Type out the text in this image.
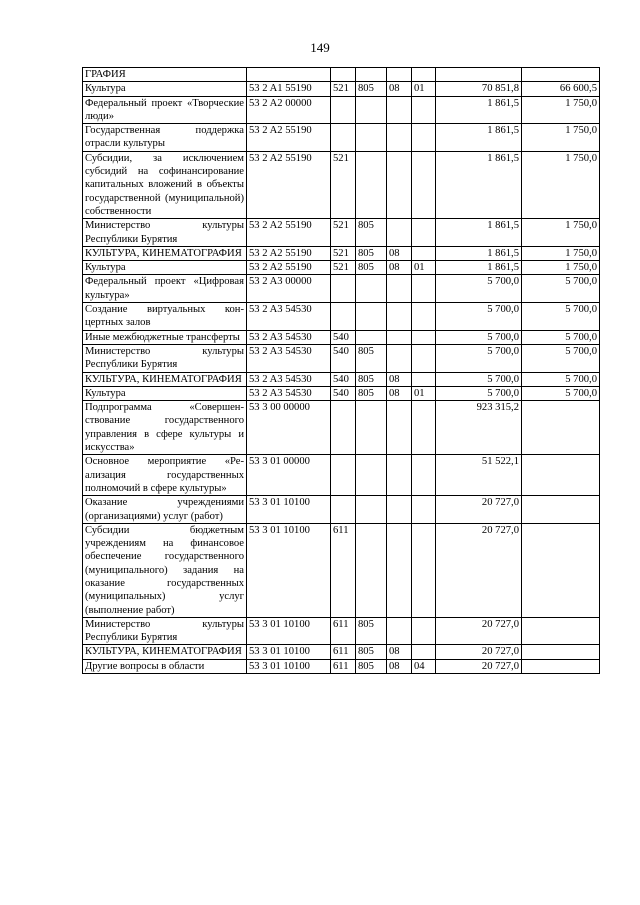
149
ГРАФИЯ							
Культура	53 2 A1 55190	521	805	08	01	70 851,8	66 600,5
Федеральный проект «Творческие люди»	53 2 A2 00000					1 861,5	1 750,0
Государственная поддержка отрасли культуры	53 2 A2 55190					1 861,5	1 750,0
Субсидии, за исключением субсидий на софинансирование капитальных вложений в объекты государственной (муниципальной) собственности	53 2 A2 55190	521				1 861,5	1 750,0
Министерство культуры Республики Бурятия	53 2 A2 55190	521	805			1 861,5	1 750,0
КУЛЬТУРА, КИНЕМАТОГРАФИЯ	53 2 A2 55190	521	805	08		1 861,5	1 750,0
Культура	53 2 A2 55190	521	805	08	01	1 861,5	1 750,0
Федеральный проект «Цифровая культура»	53 2 A3 00000					5 700,0	5 700,0
Создание виртуальных концертных залов	53 2 A3 54530					5 700,0	5 700,0
Иные межбюджетные трансферты	53 2 A3 54530	540				5 700,0	5 700,0
Министерство культуры Республики Бурятия	53 2 A3 54530	540	805			5 700,0	5 700,0
КУЛЬТУРА, КИНЕМАТОГРАФИЯ	53 2 A3 54530	540	805	08		5 700,0	5 700,0
Культура	53 2 A3 54530	540	805	08	01	5 700,0	5 700,0
Подпрограмма «Совершенствование государственного управления в сфере культуры и искусства»	53 3 00 00000					923 315,2	
Основное мероприятие «Реализация государственных полномочий в сфере культуры»	53 3 01 00000					51 522,1	
Оказание учреждениями (организациями) услуг (работ)	53 3 01 10100					20 727,0	
Субсидии бюджетным учреждениям на финансовое обеспечение государственного (муниципального) задания на оказание государственных (муниципальных) услуг (выполнение работ)	53 3 01 10100	611				20 727,0	
Министерство культуры Республики Бурятия	53 3 01 10100	611	805			20 727,0	
КУЛЬТУРА, КИНЕМАТОГРАФИЯ	53 3 01 10100	611	805	08		20 727,0	
Другие вопросы в области	53 3 01 10100	611	805	08	04	20 727,0	
